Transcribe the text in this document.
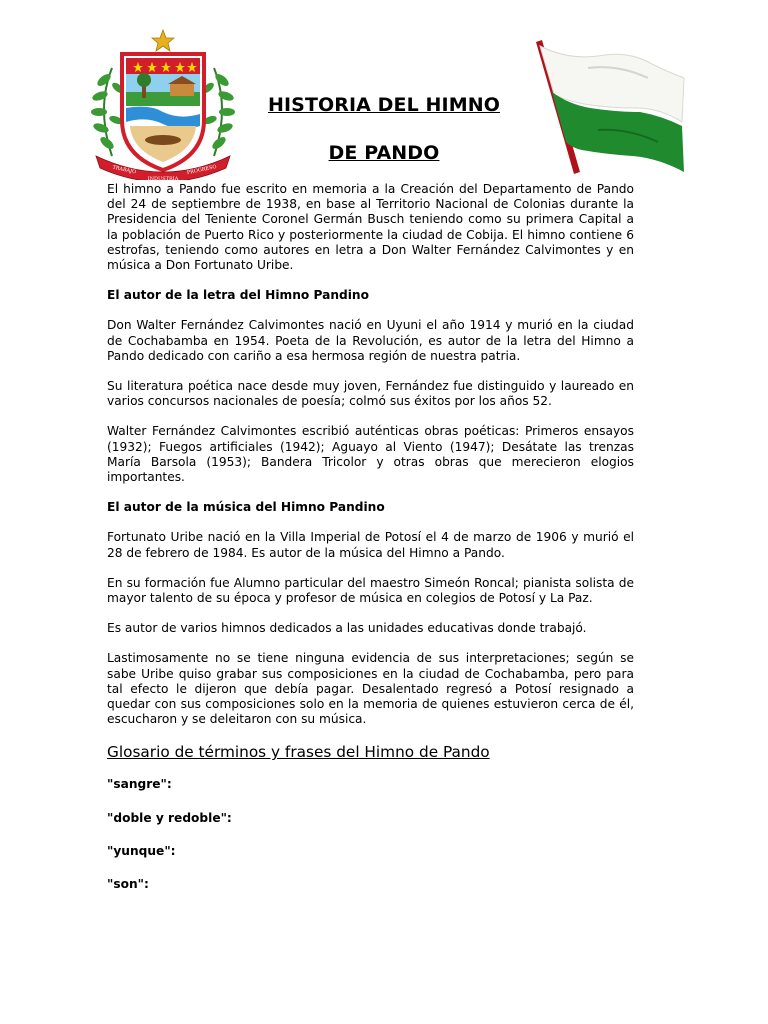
TRABAJO
INDUSTRIA
PROGRESO
HISTORIA DEL HIMNO
DE PANDO

El himno a Pando fue escrito en memoria a la Creación del Departamento de Pando del 24 de septiembre de 1938, en base al Territorio Nacional de Colonias durante la Presidencia del Teniente Coronel Germán Busch teniendo como su primera Capital a la población de Puerto Rico y posteriormente la ciudad de Cobija. El himno contiene 6 estrofas, teniendo como autores en letra a Don Walter Fernández Calvimontes y en música a Don Fortunato Uribe.

El autor de la letra del Himno Pandino

Don Walter Fernández Calvimontes nació en Uyuni el año 1914 y murió en la ciudad de Cochabamba en 1954. Poeta de la Revolución, es autor de la letra del Himno a Pando dedicado con cariño a esa hermosa región de nuestra patria.

Su literatura poética nace desde muy joven, Fernández fue distinguido y laureado en varios concursos nacionales de poesía; colmó sus éxitos por los años 52.

Walter Fernández Calvimontes escribió auténticas obras poéticas: Primeros ensayos (1932); Fuegos artificiales (1942); Aguayo al Viento (1947); Desátate las trenzas María Barsola (1953); Bandera Tricolor y otras obras que merecieron elogios importantes.

El autor de la música del Himno Pandino

Fortunato Uribe nació en la Villa Imperial de Potosí el 4 de marzo de 1906 y murió el 28 de febrero de 1984. Es autor de la música del Himno a Pando.

En su formación fue Alumno particular del maestro Simeón Roncal; pianista solista de mayor talento de su época y profesor de música en colegios de Potosí y La Paz.

Es autor de varios himnos dedicados a las unidades educativas donde trabajó.

Lastimosamente no se tiene ninguna evidencia de sus interpretaciones; según se sabe Uribe quiso grabar sus composiciones en la ciudad de Cochabamba, pero para tal efecto le dijeron que debía pagar. Desalentado regresó a Potosí resignado a quedar con sus composiciones solo en la memoria de quienes estuvieron cerca de él, escucharon y se deleitaron con su música.

Glosario de términos y frases del Himno de Pando

"sangre":

"doble y redoble":

"yunque":

"son":
